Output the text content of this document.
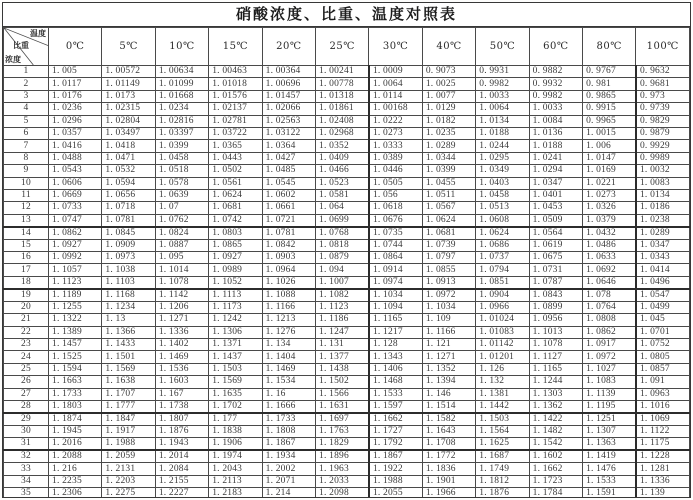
硝酸浓度、比重、温度对照表
温度
比重
浓度	0℃	5℃	10℃	15℃	20℃	25℃	30℃	40℃	50℃	60℃	80℃	100℃
1	1. 005	1. 00572	1. 00634	1. 00463	1. 00364	1. 00241	1. 0009	0. 9073	0. 9931	0. 9882	0. 9767	0. 9632
2	1. 0117	1. 01149	1. 01099	1. 01018	1. 00696	1. 00778	1. 0064	1. 0025	0. 9982	0. 9932	0. 981	0. 9681
3	1. 0176	1. 0173	1. 01668	1. 01576	1. 01457	1. 01318	1. 0114	1. 0077	1. 0033	0. 9982	0. 9865	0. 973
4	1. 0236	1. 02315	1. 0234	1. 02137	1. 02066	1. 01861	1. 00168	1. 0129	1. 0064	1. 0033	0. 9915	0. 9739
5	1. 0296	1. 02804	1. 02816	1. 02781	1. 02563	1. 02408	1. 0222	1. 0182	1. 0134	1. 0084	0. 9965	0. 9829
6	1. 0357	1. 03497	1. 03397	1. 03722	1. 03122	1. 02968	1. 0273	1. 0235	1. 0188	1. 0136	1. 0015	0. 9879
7	1. 0416	1. 0418	1. 0399	1. 0365	1. 0364	1. 0352	1. 0333	1. 0289	1. 0244	1. 0188	1. 006	0. 9929
8	1. 0488	1. 0471	1. 0458	1. 0443	1. 0427	1. 0409	1. 0389	1. 0344	1. 0295	1. 0241	1. 0147	0. 9989
9	1. 0543	1. 0532	1. 0518	1. 0502	1. 0485	1. 0466	1. 0446	1. 0399	1. 0349	1. 0294	1. 0169	1. 0032
10	1. 0606	1. 0594	1. 0578	1. 0561	1. 0545	1. 0523	1. 0505	1. 0455	1. 0403	1. 0347	1. 0221	1. 0083
11	1. 0669	1. 0656	1. 0639	1. 0624	1. 0602	1. 0581	1. 056	1. 0511	1. 0458	1. 0401	1. 0273	1. 0134
12	1. 0733	1. 0718	1. 07	1. 0681	1. 0661	1. 064	1. 0618	1. 0567	1. 0513	1. 0453	1. 0326	1. 0186
13	1. 0747	1. 0781	1. 0762	1. 0742	1. 0721	1. 0699	1. 0676	1. 0624	1. 0608	1. 0509	1. 0379	1. 0238
14	1. 0862	1. 0845	1. 0824	1. 0803	1. 0781	1. 0768	1. 0735	1. 0681	1. 0624	1. 0564	1. 0432	1. 0289
15	1. 0927	1. 0909	1. 0887	1. 0865	1. 0842	1. 0818	1. 0744	1. 0739	1. 0686	1. 0619	1. 0486	1. 0347
16	1. 0992	1. 0973	1. 095	1. 0927	1. 0903	1. 0879	1. 0864	1. 0797	1. 0737	1. 0675	1. 0633	1. 0343
17	1. 1057	1. 1038	1. 1014	1. 0989	1. 0964	1. 094	1. 0914	1. 0855	1. 0794	1. 0731	1. 0692	1. 0414
18	1. 1123	1. 1103	1. 1078	1. 1052	1. 1026	1. 1007	1. 0974	1. 0913	1. 0851	1. 0787	1. 0646	1. 0496
19	1. 1189	1. 1168	1. 1142	1. 1113	1. 1088	1. 1082	1. 1034	1. 0972	1. 0904	1. 0843	1. 078	1. 0547
20	1. 1255	1. 1234	1. 1206	1. 1173	1. 1166	1. 1123	1. 1094	1. 1034	1. 0966	1. 0899	1. 0764	1. 0499
21	1. 1322	1. 13	1. 1271	1. 1242	1. 1213	1. 1186	1. 1165	1. 109	1. 01024	1. 0956	1. 0808	1. 045
22	1. 1389	1. 1366	1. 1336	1. 1306	1. 1276	1. 1247	1. 1217	1. 1166	1. 01083	1. 1013	1. 0862	1. 0701
23	1. 1457	1. 1433	1. 1402	1. 1371	1. 134	1. 131	1. 128	1. 121	1. 01142	1. 1078	1. 0917	1. 0752
24	1. 1525	1. 1501	1. 1469	1. 1437	1. 1404	1. 1377	1. 1343	1. 1271	1. 01201	1. 1127	1. 0972	1. 0805
25	1. 1594	1. 1569	1. 1536	1. 1503	1. 1469	1. 1438	1. 1406	1. 1352	1. 126	1. 1165	1. 1027	1. 0857
26	1. 1663	1. 1638	1. 1603	1. 1569	1. 1534	1. 1502	1. 1468	1. 1394	1. 132	1. 1244	1. 1083	1. 091
27	1. 1733	1. 1707	1. 167	1. 1635	1. 16	1. 1566	1. 1533	1. 146	1. 1381	1. 1303	1. 1139	1. 0963
28	1. 1803	1. 1777	1. 1738	1. 1702	1. 1666	1. 1631	1. 1597	1. 1514	1. 1442	1. 1362	1. 1195	1. 1016
29	1. 1874	1. 1847	1. 1807	1. 177	1. 1733	1. 1697	1. 1662	1. 1582	1. 1503	1. 1422	1. 1251	1. 1069
30	1. 1945	1. 1917	1. 1876	1. 1838	1. 1808	1. 1763	1. 1727	1. 1643	1. 1564	1. 1482	1. 1307	1. 1122
31	1. 2016	1. 1988	1. 1943	1. 1906	1. 1867	1. 1829	1. 1792	1. 1708	1. 1625	1. 1542	1. 1363	1. 1175
32	1. 2088	1. 2059	1. 2014	1. 1974	1. 1934	1. 1896	1. 1867	1. 1772	1. 1687	1. 1602	1. 1419	1. 1228
33	1. 216	1. 2131	1. 2084	1. 2043	1. 2002	1. 1963	1. 1922	1. 1836	1. 1749	1. 1662	1. 1476	1. 1281
34	1. 2235	1. 2203	1. 2155	1. 2113	1. 2071	1. 2033	1. 1988	1. 1901	1. 1812	1. 1723	1. 1533	1. 1336
35	1. 2306	1. 2275	1. 2227	1. 2183	1. 214	1. 2098	1. 2055	1. 1966	1. 1876	1. 1784	1. 1591	1. 139
